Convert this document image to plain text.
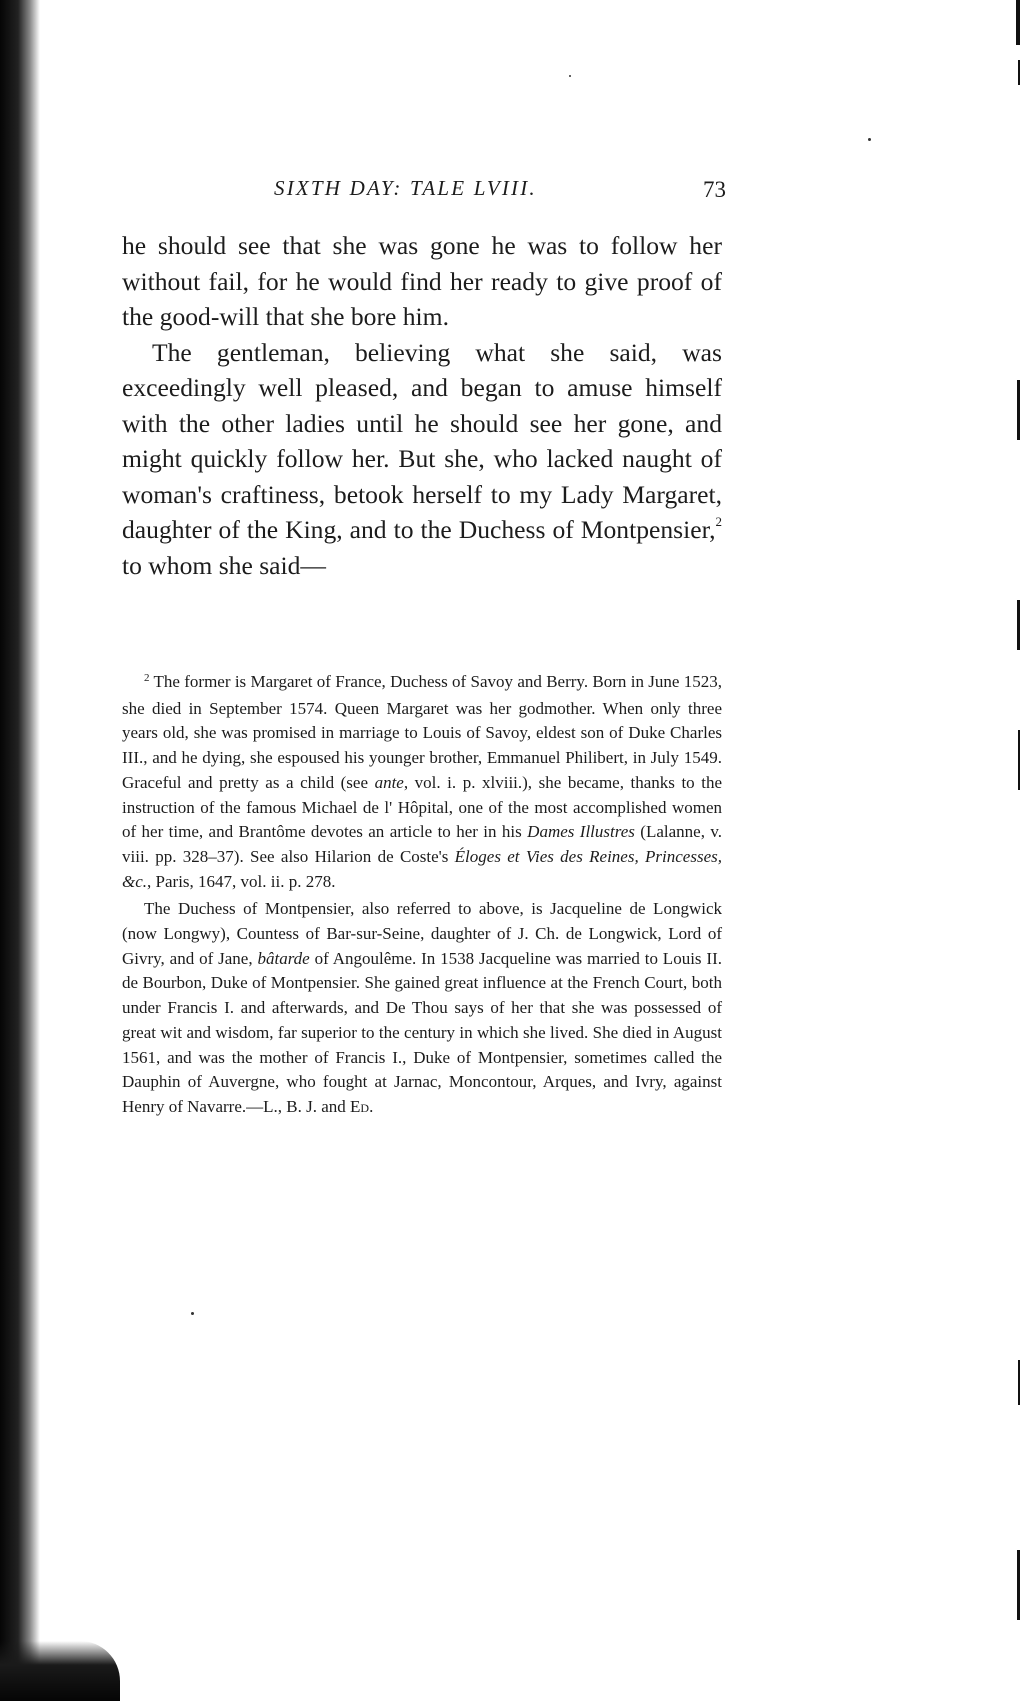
SIXTH DAY: TALE LVIII.	73

he should see that she was gone he was to follow her without fail, for he would find her ready to give proof of the good-will that she bore him.

The gentleman, believing what she said, was exceedingly well pleased, and began to amuse himself with the other ladies until he should see her gone, and might quickly follow her. But she, who lacked naught of woman's craftiness, betook herself to my Lady Margaret, daughter of the King, and to the Duchess of Montpensier,$^2$ to whom she said—

$^2$ The former is Margaret of France, Duchess of Savoy and Berry. Born in June 1523, she died in September 1574. Queen Margaret was her godmother. When only three years old, she was promised in marriage to Louis of Savoy, eldest son of Duke Charles III., and he dying, she espoused his younger brother, Emmanuel Philibert, in July 1549. Graceful and pretty as a child (see ante, vol. i. p. xlviii.), she became, thanks to the instruction of the famous Michael de l' Hôpital, one of the most accomplished women of her time, and Brantôme devotes an article to her in his Dames Illustres (Lalanne, v. viii. pp. 328–37). See also Hilarion de Coste's Éloges et Vies des Reines, Princesses, &c., Paris, 1647, vol. ii. p. 278.

The Duchess of Montpensier, also referred to above, is Jacqueline de Longwick (now Longwy), Countess of Bar-sur-Seine, daughter of J. Ch. de Longwick, Lord of Givry, and of Jane, bâtarde of Angoulême. In 1538 Jacqueline was married to Louis II. de Bourbon, Duke of Montpensier. She gained great influence at the French Court, both under Francis I. and afterwards, and De Thou says of her that she was possessed of great wit and wisdom, far superior to the century in which she lived. She died in August 1561, and was the mother of Francis I., Duke of Montpensier, sometimes called the Dauphin of Auvergne, who fought at Jarnac, Moncontour, Arques, and Ivry, against Henry of Navarre.—L., B. J. and Ed.
